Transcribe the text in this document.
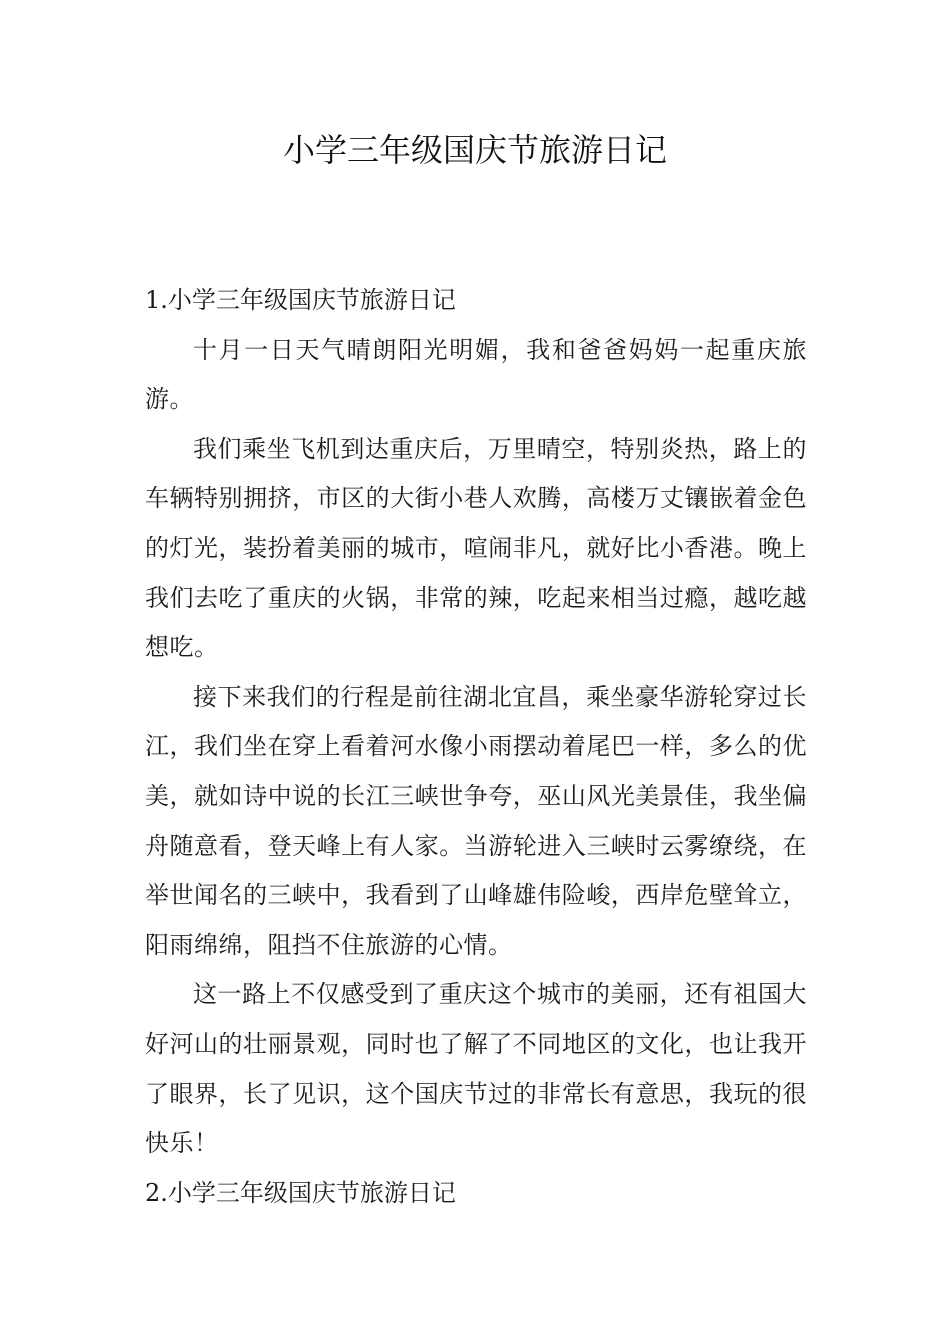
小学三年级国庆节旅游日记

1.小学三年级国庆节旅游日记

十月一日天气晴朗阳光明媚，我和爸爸妈妈一起重庆旅游。

我们乘坐飞机到达重庆后，万里晴空，特别炎热，路上的车辆特别拥挤，市区的大街小巷人欢腾，高楼万丈镶嵌着金色的灯光，装扮着美丽的城市，喧闹非凡，就好比小香港。晚上我们去吃了重庆的火锅，非常的辣，吃起来相当过瘾，越吃越想吃。

接下来我们的行程是前往湖北宜昌，乘坐豪华游轮穿过长江，我们坐在穿上看着河水像小雨摆动着尾巴一样，多么的优美，就如诗中说的长江三峡世争夸，巫山风光美景佳，我坐偏舟随意看，登天峰上有人家。当游轮进入三峡时云雾缭绕，在举世闻名的三峡中，我看到了山峰雄伟险峻，西岸危壁耸立，阳雨绵绵，阻挡不住旅游的心情。

这一路上不仅感受到了重庆这个城市的美丽，还有祖国大好河山的壮丽景观，同时也了解了不同地区的文化，也让我开了眼界，长了见识，这个国庆节过的非常长有意思，我玩的很快乐！

2.小学三年级国庆节旅游日记
